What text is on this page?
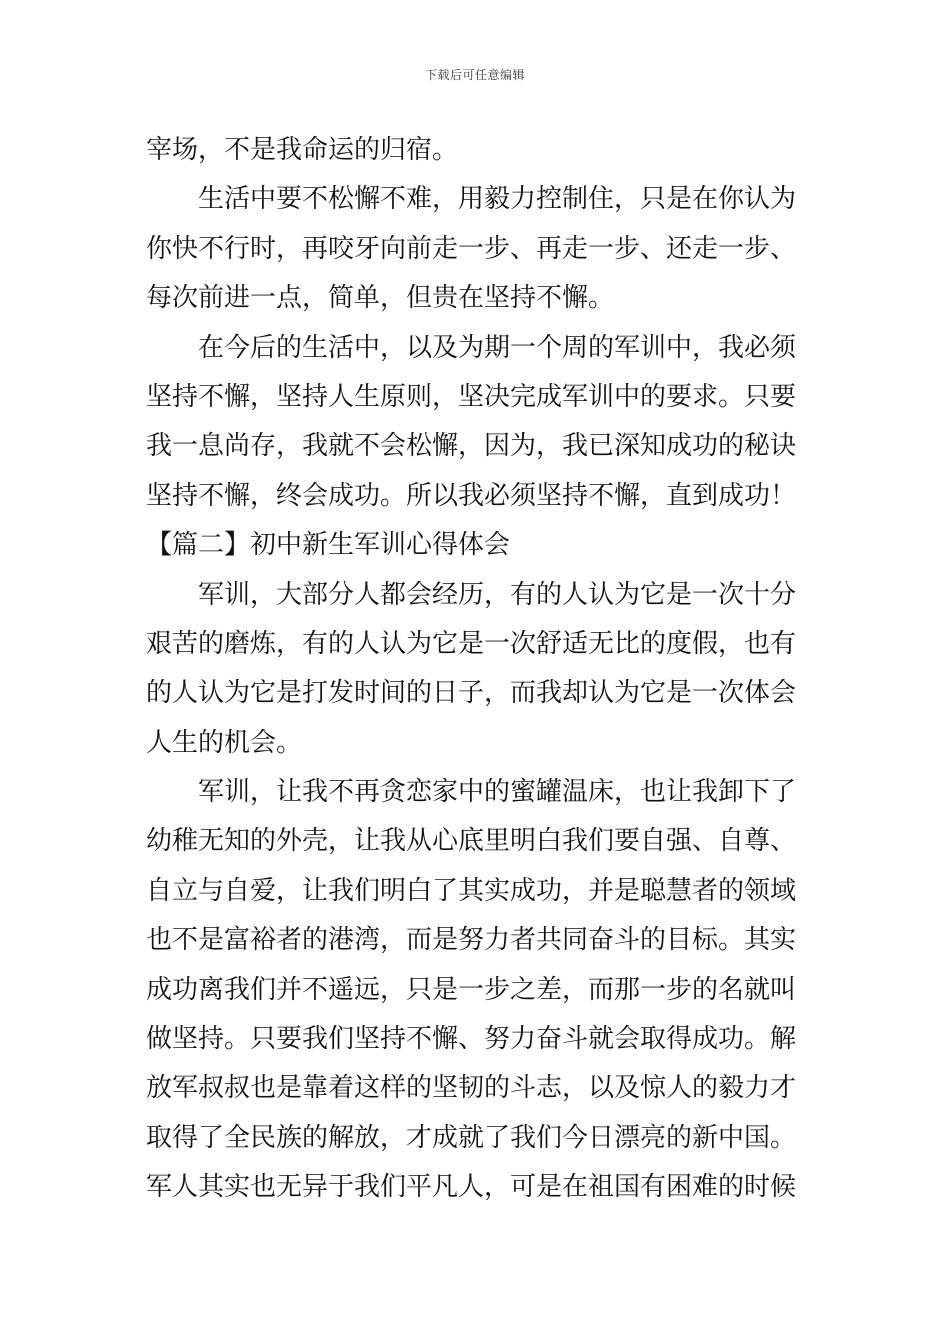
下载后可任意编辑
宰场，不是我命运的归宿。
生活中要不松懈不难，用毅力控制住，只是在你认为
你快不行时，再咬牙向前走一步、再走一步、还走一步、
每次前进一点，简单，但贵在坚持不懈。
在今后的生活中，以及为期一个周的军训中，我必须
坚持不懈，坚持人生原则，坚决完成军训中的要求。只要
我一息尚存，我就不会松懈，因为，我已深知成功的秘诀
坚持不懈，终会成功。所以我必须坚持不懈，直到成功！
【篇二】初中新生军训心得体会
军训，大部分人都会经历，有的人认为它是一次十分
艰苦的磨炼，有的人认为它是一次舒适无比的度假，也有
的人认为它是打发时间的日子，而我却认为它是一次体会
人生的机会。
军训，让我不再贪恋家中的蜜罐温床，也让我卸下了
幼稚无知的外壳，让我从心底里明白我们要自强、自尊、
自立与自爱，让我们明白了其实成功，并是聪慧者的领域
也不是富裕者的港湾，而是努力者共同奋斗的目标。其实
成功离我们并不遥远，只是一步之差，而那一步的名就叫
做坚持。只要我们坚持不懈、努力奋斗就会取得成功。解
放军叔叔也是靠着这样的坚韧的斗志，以及惊人的毅力才
取得了全民族的解放，才成就了我们今日漂亮的新中国。
军人其实也无异于我们平凡人，可是在祖国有困难的时候
